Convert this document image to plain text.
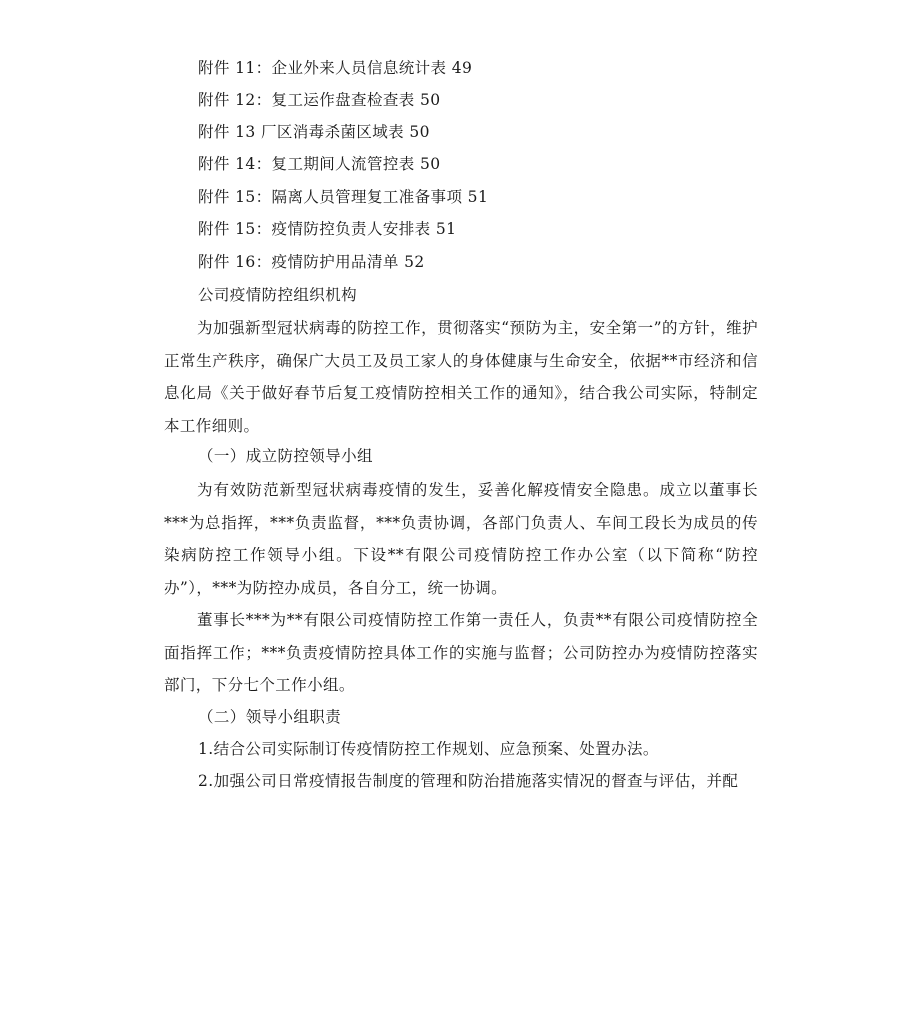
附件 11：企业外来人员信息统计表 49
附件 12：复工运作盘查检查表 50
附件 13 厂区消毒杀菌区域表 50
附件 14：复工期间人流管控表 50
附件 15：隔离人员管理复工准备事项 51
附件 15：疫情防控负责人安排表 51
附件 16：疫情防护用品清单 52
公司疫情防控组织机构
为加强新型冠状病毒的防控工作，贯彻落实“预防为主，安全第一”的方针，维护正常生产秩序，确保广大员工及员工家人的身体健康与生命安全，依据**市经济和信息化局《关于做好春节后复工疫情防控相关工作的通知》，结合我公司实际，特制定本工作细则。
（一）成立防控领导小组
为有效防范新型冠状病毒疫情的发生，妥善化解疫情安全隐患。成立以董事长***为总指挥，***负责监督，***负责协调，各部门负责人、车间工段长为成员的传染病防控工作领导小组。下设**有限公司疫情防控工作办公室（以下简称“防控办”），***为防控办成员，各自分工，统一协调。
董事长***为**有限公司疫情防控工作第一责任人，负责**有限公司疫情防控全面指挥工作；***负责疫情防控具体工作的实施与监督；公司防控办为疫情防控落实部门，下分七个工作小组。
（二）领导小组职责
1.结合公司实际制订传疫情防控工作规划、应急预案、处置办法。
2.加强公司日常疫情报告制度的管理和防治措施落实情况的督查与评估，并配
